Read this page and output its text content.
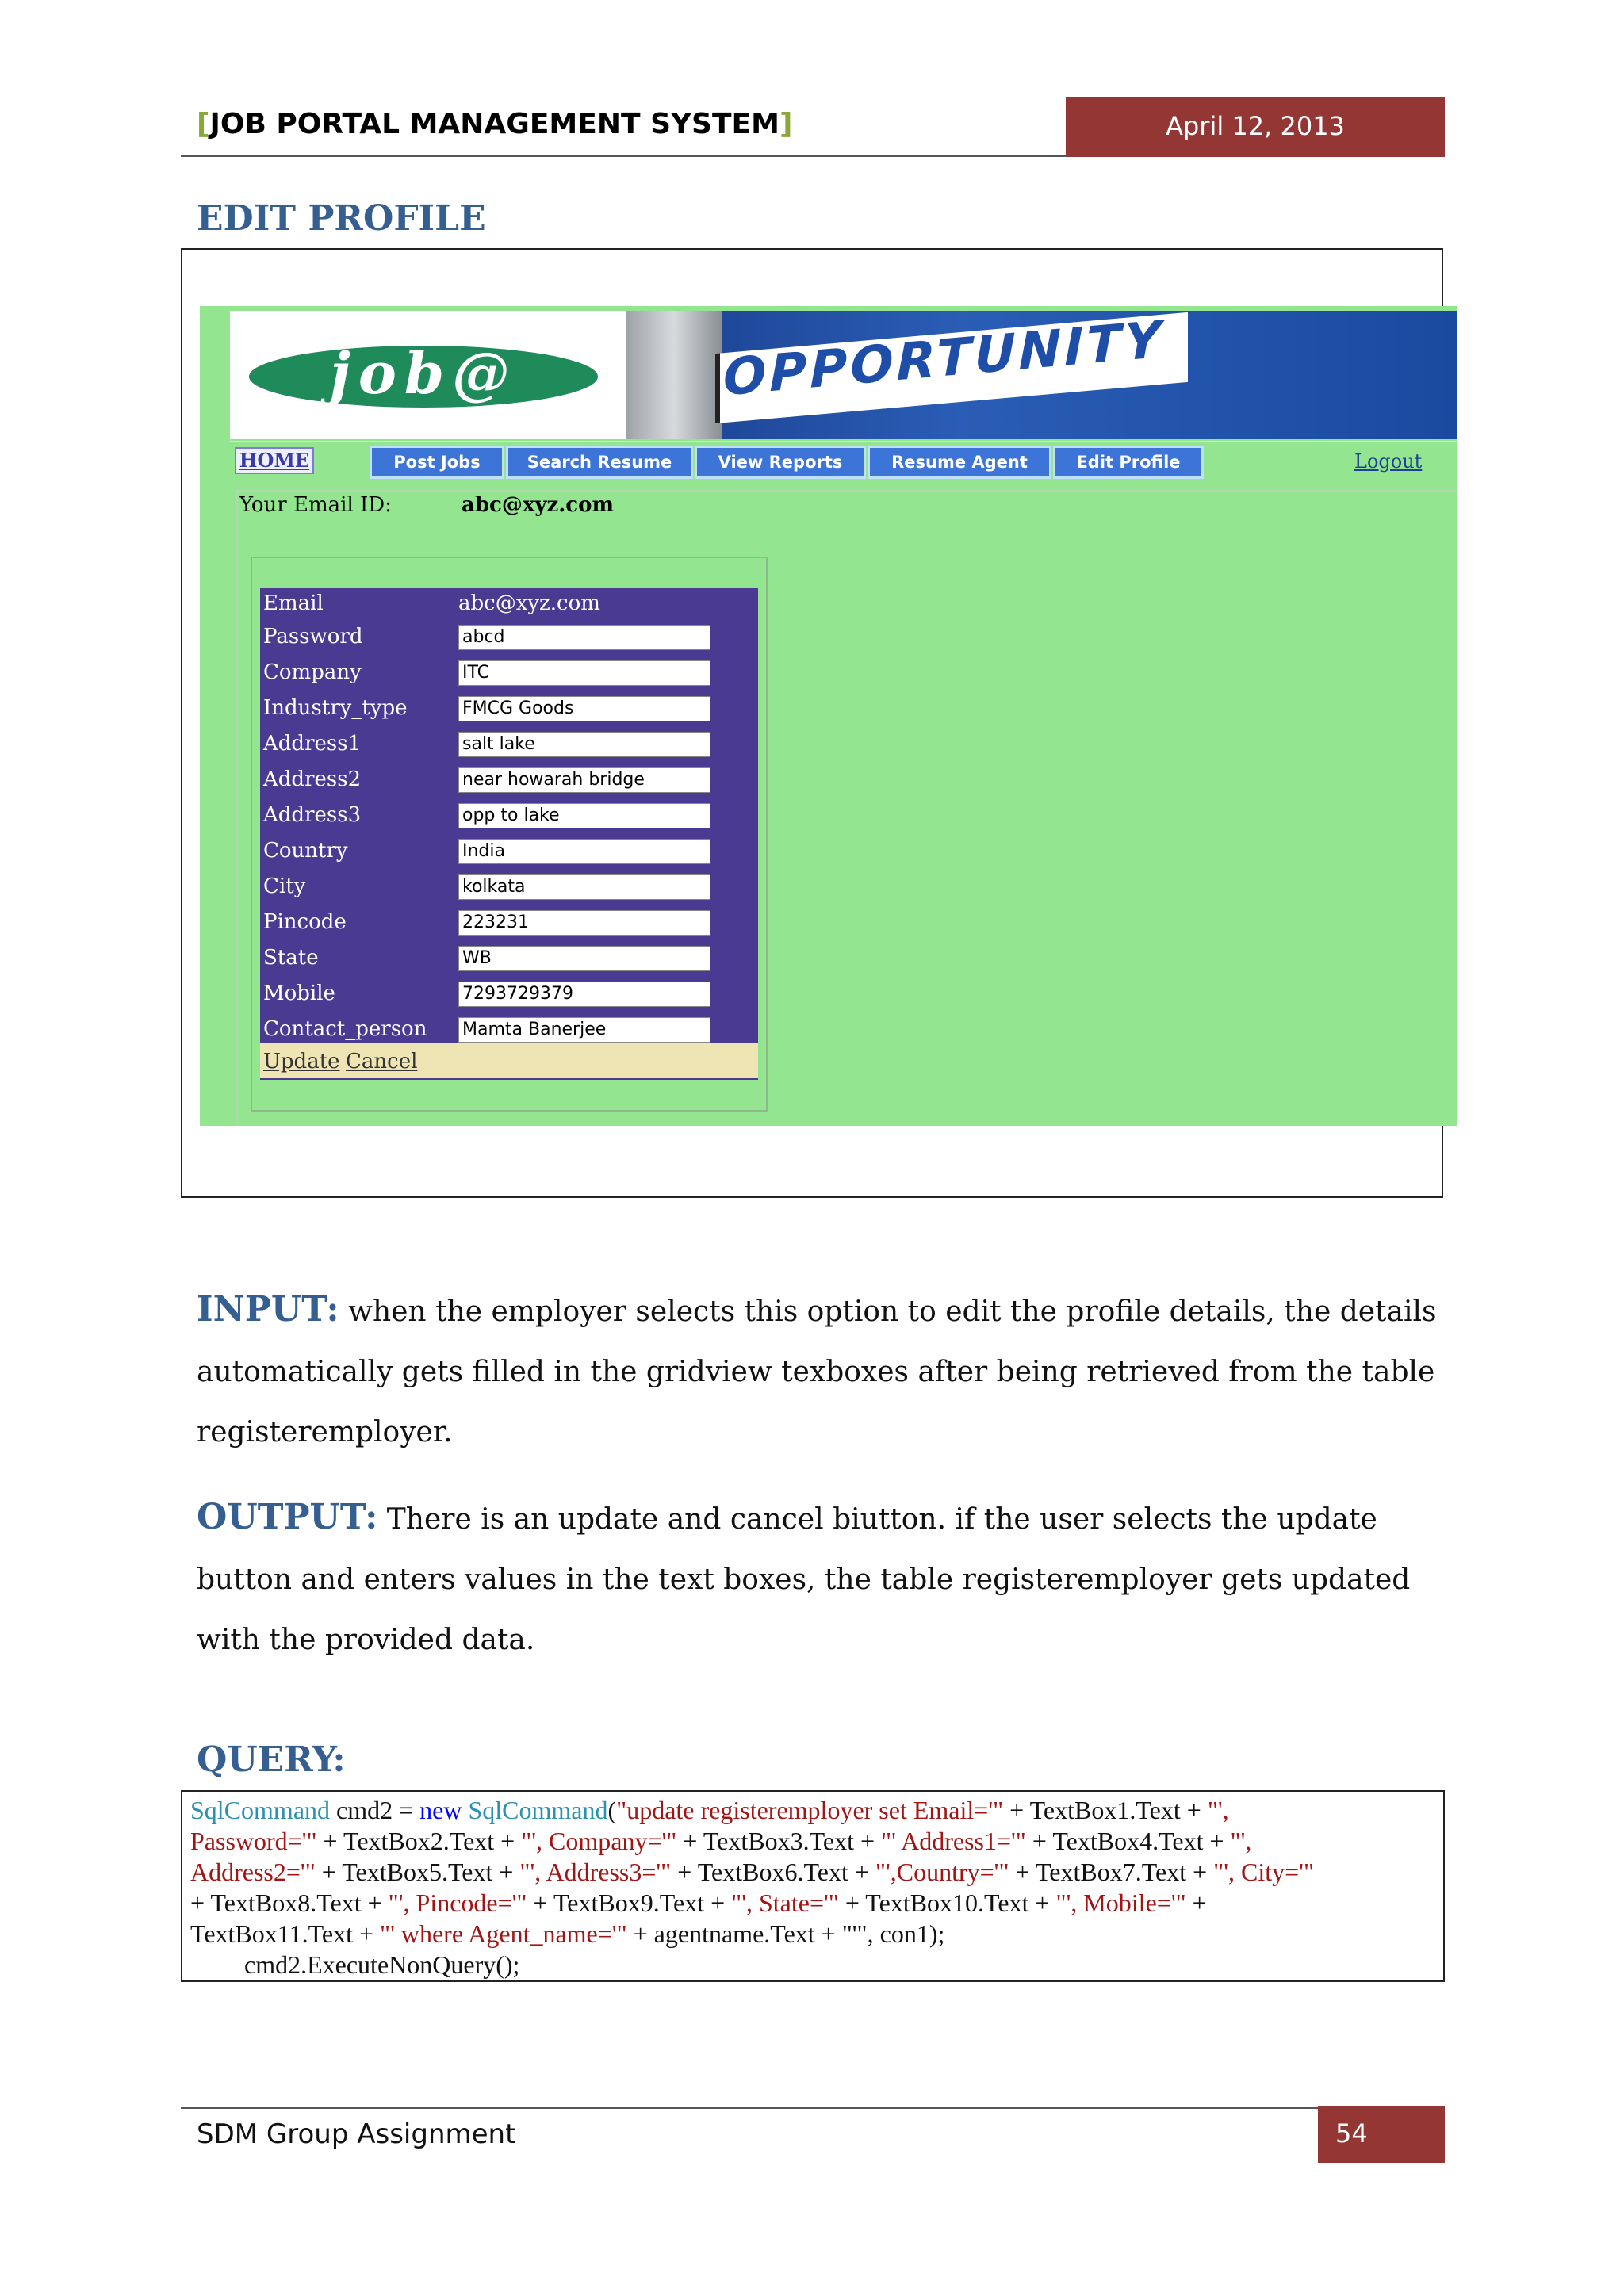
[JOB PORTAL MANAGEMENT SYSTEM]	April 12, 2013
EDIT PROFILE
job@	OPPORTUNITY
HOME	Post Jobs	Search Resume	View Reports	Resume Agent	Edit Profile	Logout
Your Email ID:	abc@xyz.com
Email	abc@xyz.com
Password	abcd
Company	ITC
Industry_type	FMCG Goods
Address1	salt lake
Address2	near howarah bridge
Address3	opp to lake
Country	India
City	kolkata
Pincode	223231
State	WB
Mobile	7293729379
Contact_person Mamta Banerjee
Update Cancel
INPUT: when the employer selects this option to edit the profile details, the details automatically gets filled in the gridview texboxes after being retrieved from the table registeremployer.
OUTPUT: There is an update and cancel biutton. if the user selects the update button and enters values in the text boxes, the table registeremployer gets updated with the provided data.
QUERY:
SqlCommand cmd2 = new SqlCommand("update registeremployer set Email='" + TextBox1.Text + "',
Password='" + TextBox2.Text + "', Company='" + TextBox3.Text + "' Address1='" + TextBox4.Text + "',
Address2='" + TextBox5.Text + "', Address3='" + TextBox6.Text + "',Country='" + TextBox7.Text + "', City='"
+ TextBox8.Text + "', Pincode='" + TextBox9.Text + "', State='" + TextBox10.Text + "', Mobile='" +
TextBox11.Text + "' where Agent_name='" + agentname.Text + "'", con1);
cmd2.ExecuteNonQuery();
SDM Group Assignment	54
